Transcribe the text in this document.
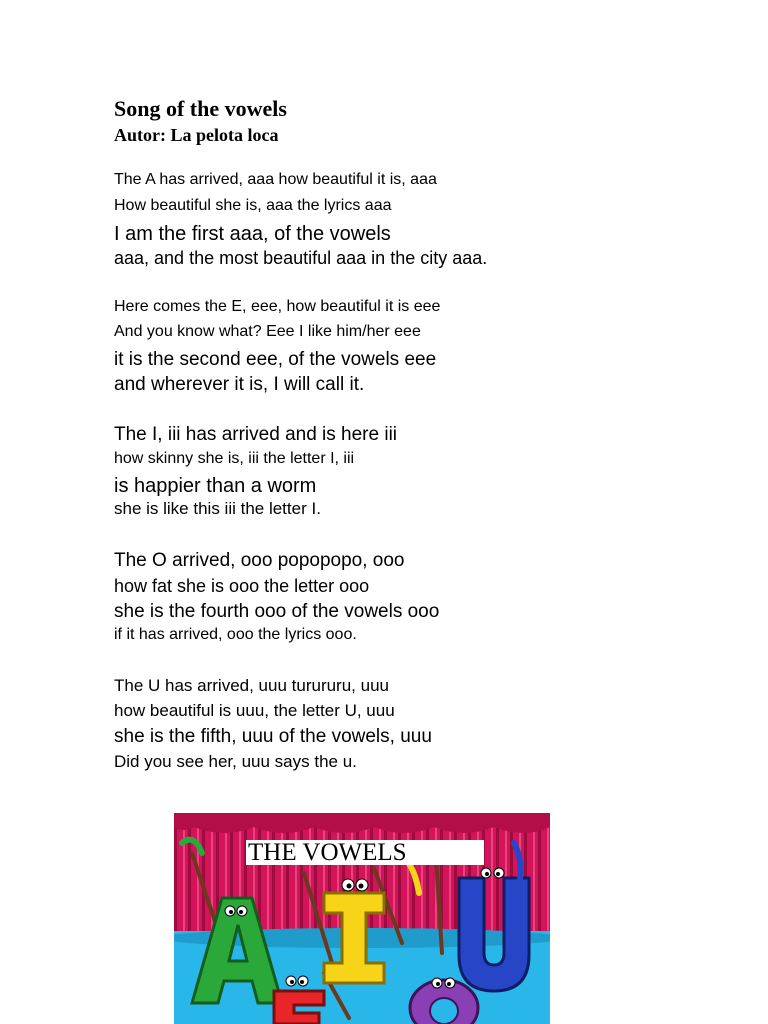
Song of the vowels
Autor: La pelota loca
The A has arrived, aaa how beautiful it is, aaa
How beautiful she is, aaa the lyrics aaa
I am the first aaa, of the vowels
aaa, and the most beautiful aaa in the city aaa.
Here comes the E, eee, how beautiful it is eee
And you know what? Eee I like him/her eee
it is the second eee, of the vowels eee
and wherever it is, I will call it.
The I, iii has arrived and is here iii
how skinny she is, iii the letter I, iii
is happier than a worm
she is like this iii the letter I.
The O arrived, ooo popopopo, ooo
how fat she is ooo the letter ooo
she is the fourth ooo of the vowels ooo
if it has arrived, ooo the lyrics ooo.
The U has arrived, uuu turururu, uuu
how beautiful is uuu, the letter U, uuu
she is the fifth, uuu of the vowels, uuu
Did you see her, uuu says the u.
THE VOWELS
